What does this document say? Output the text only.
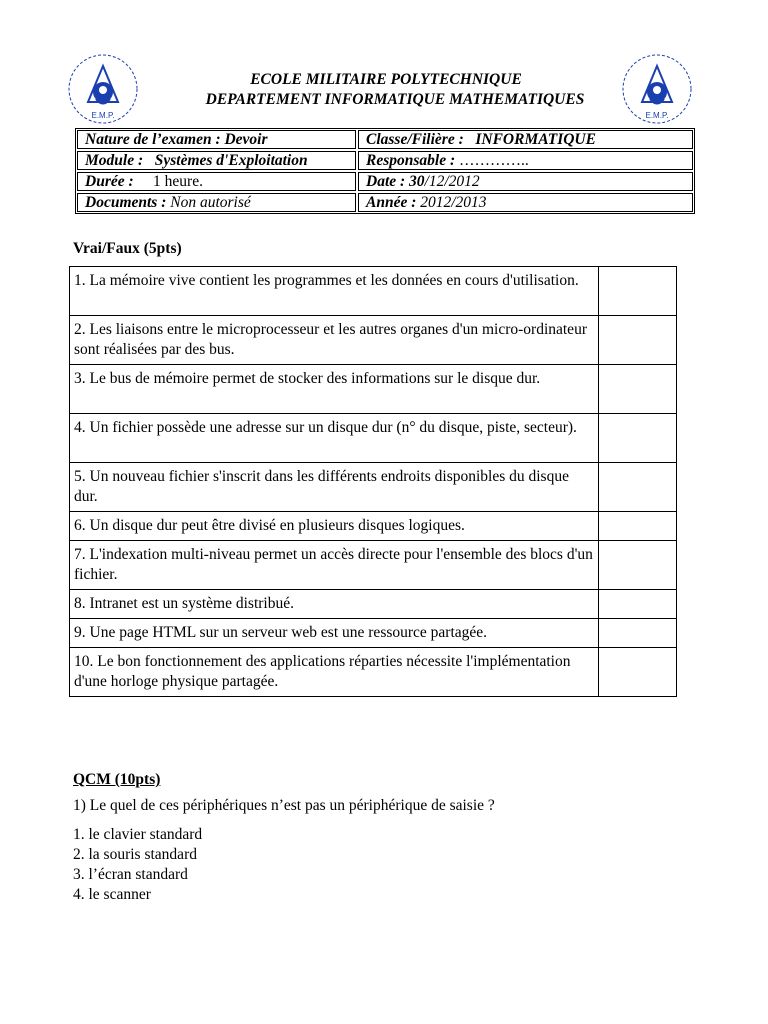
E.M.P.	E.M.P.
ECOLE MILITAIRE POLYTECHNIQUE
DEPARTEMENT INFORMATIQUE MATHEMATIQUES
Nature de l’examen : Devoir	Classe/Filière : INFORMATIQUE
Module : Systèmes d'Exploitation	Responsable : …………..
Durée : 1 heure.	Date : 30/12/2012
Documents : Non autorisé	Année : 2012/2013
Vrai/Faux (5pts)
1. La mémoire vive contient les programmes et les données en cours d'utilisation.	
2. Les liaisons entre le microprocesseur et les autres organes d'un micro-ordinateur sont réalisées par des bus.	
3. Le bus de mémoire permet de stocker des informations sur le disque dur.	
4. Un fichier possède une adresse sur un disque dur (n° du disque, piste, secteur).	
5. Un nouveau fichier s'inscrit dans les différents endroits disponibles du disque dur.	
6. Un disque dur peut être divisé en plusieurs disques logiques.	
7. L'indexation multi-niveau permet un accès directe pour l'ensemble des blocs d'un fichier.	
8. Intranet est un système distribué.	
9. Une page HTML sur un serveur web est une ressource partagée.	
10. Le bon fonctionnement des applications réparties nécessite l'implémentation d'une horloge physique partagée.	
QCM (10pts)
1) Le quel de ces périphériques n’est pas un périphérique de saisie ?
1. le clavier standard
2. la souris standard
3. l’écran standard
4. le scanner
